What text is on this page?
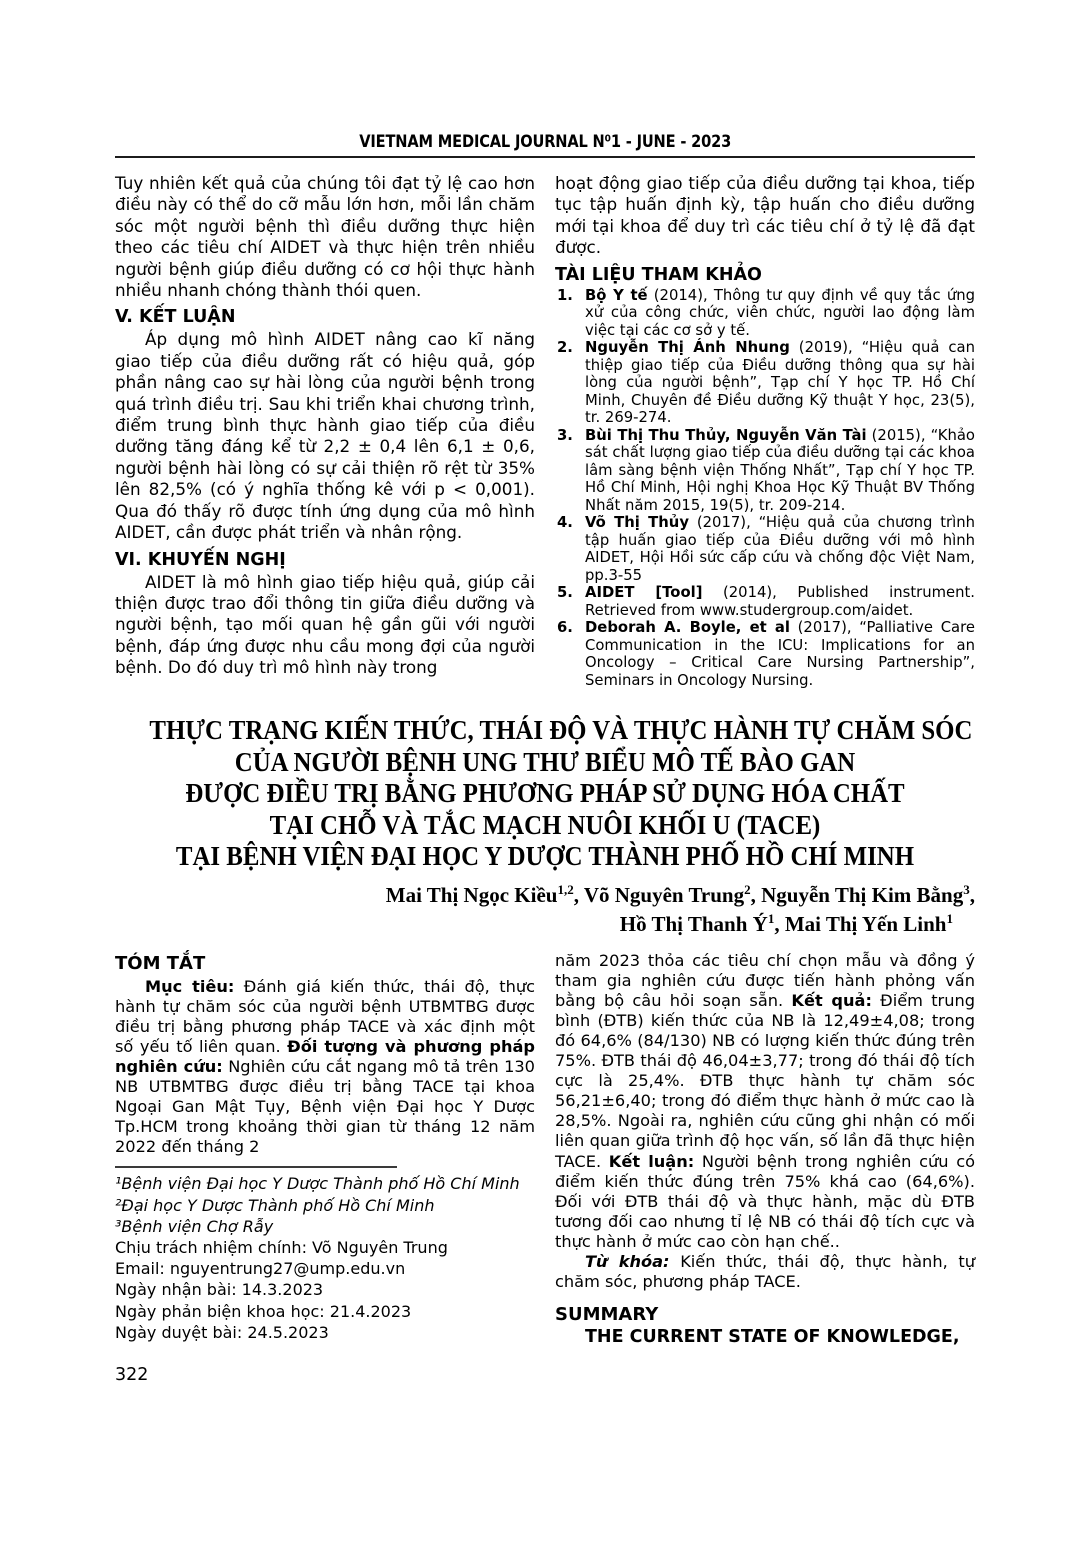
VIETNAM MEDICAL JOURNAL N⁰1 - JUNE - 2023

Tuy nhiên kết quả của chúng tôi đạt tỷ lệ cao hơn điều này có thể do cỡ mẫu lớn hơn, mỗi lần chăm sóc một người bệnh thì điều dưỡng thực hiện theo các tiêu chí AIDET và thực hiện trên nhiều người bệnh giúp điều dưỡng có cơ hội thực hành nhiều nhanh chóng thành thói quen.

V. KẾT LUẬN

Áp dụng mô hình AIDET nâng cao kĩ năng giao tiếp của điều dưỡng rất có hiệu quả, góp phần nâng cao sự hài lòng của người bệnh trong quá trình điều trị. Sau khi triển khai chương trình, điểm trung bình thực hành giao tiếp của điều dưỡng tăng đáng kể từ 2,2 ± 0,4 lên 6,1 ± 0,6, người bệnh hài lòng có sự cải thiện rõ rệt từ 35% lên 82,5% (có ý nghĩa thống kê với p < 0,001). Qua đó thấy rõ được tính ứng dụng của mô hình AIDET, cần được phát triển và nhân rộng.

VI. KHUYẾN NGHỊ

AIDET là mô hình giao tiếp hiệu quả, giúp cải thiện được trao đổi thông tin giữa điều dưỡng và người bệnh, tạo mối quan hệ gần gũi với người bệnh, đáp ứng được nhu cầu mong đợi của người bệnh. Do đó duy trì mô hình này trong

hoạt động giao tiếp của điều dưỡng tại khoa, tiếp tục tập huấn định kỳ, tập huấn cho điều dưỡng mới tại khoa để duy trì các tiêu chí ở tỷ lệ đã đạt được.

TÀI LIỆU THAM KHẢO
1. Bộ Y tế (2014), Thông tư quy định về quy tắc ứng xử của công chức, viên chức, người lao động làm việc tại các cơ sở y tế.
2. Nguyễn Thị Ánh Nhung (2019), “Hiệu quả can thiệp giao tiếp của Điều dưỡng thông qua sự hài lòng của người bệnh”, Tạp chí Y học TP. Hồ Chí Minh, Chuyên đề Điều dưỡng Kỹ thuật Y học, 23(5), tr. 269-274.
3. Bùi Thị Thu Thủy, Nguyễn Văn Tài (2015), “Khảo sát chất lượng giao tiếp của điều dưỡng tại các khoa lâm sàng bệnh viện Thống Nhất”, Tạp chí Y học TP. Hồ Chí Minh, Hội nghị Khoa Học Kỹ Thuật BV Thống Nhất năm 2015, 19(5), tr. 209-214.
4. Võ Thị Thủy (2017), “Hiệu quả của chương trình tập huấn giao tiếp của Điều dưỡng với mô hình AIDET, Hội Hồi sức cấp cứu và chống độc Việt Nam, pp.3-55
5. AIDET [Tool] (2014), Published instrument. Retrieved from www.studergroup.com/aidet.
6. Deborah A. Boyle, et al (2017), “Palliative Care Communication in the ICU: Implications for an Oncology – Critical Care Nursing Partnership”, Seminars in Oncology Nursing.
THỰC TRẠNG KIẾN THỨC, THÁI ĐỘ VÀ THỰC HÀNH TỰ CHĂM SÓC
CỦA NGƯỜI BỆNH UNG THƯ BIỂU MÔ TẾ BÀO GAN
ĐƯỢC ĐIỀU TRỊ BẰNG PHƯƠNG PHÁP SỬ DỤNG HÓA CHẤT
TẠI CHỖ VÀ TẮC MẠCH NUÔI KHỐI U (TACE)
TẠI BỆNH VIỆN ĐẠI HỌC Y DƯỢC THÀNH PHỐ HỒ CHÍ MINH

Mai Thị Ngọc Kiều$^{1,2}$, Võ Nguyên Trung$^2$, Nguyễn Thị Kim Bằng$^3$,

Hồ Thị Thanh $Ý^1$, Mai Thị Yến Linh$^1$

TÓM TẮT

Mục tiêu: Đánh giá kiến thức, thái độ, thực hành tự chăm sóc của người bệnh UTBMTBG được điều trị bằng phương pháp TACE và xác định một số yếu tố liên quan. Đối tượng và phương pháp nghiên cứu: Nghiên cứu cắt ngang mô tả trên 130 NB UTBMTBG được điều trị bằng TACE tại khoa Ngoại Gan Mật Tụy, Bệnh viện Đại học Y Dược Tp.HCM trong khoảng thời gian từ tháng 12 năm 2022 đến tháng 2

¹Bệnh viện Đại học Y Dược Thành phố Hồ Chí Minh
²Đại học Y Dược Thành phố Hồ Chí Minh
³Bệnh viện Chợ Rẫy
Chịu trách nhiệm chính: Võ Nguyên Trung
Email: nguyentrung27@ump.edu.vn
Ngày nhận bài: 14.3.2023
Ngày phản biện khoa học: 21.4.2023
Ngày duyệt bài: 24.5.2023
322

năm 2023 thỏa các tiêu chí chọn mẫu và đồng ý tham gia nghiên cứu được tiến hành phỏng vấn bằng bộ câu hỏi soạn sẵn. Kết quả: Điểm trung bình (ĐTB) kiến thức của NB là 12,49±4,08; trong đó 64,6% (84/130) NB có lượng kiến thức đúng trên 75%. ĐTB thái độ 46,04±3,77; trong đó thái độ tích cực là 25,4%. ĐTB thực hành tự chăm sóc 56,21±6,40; trong đó điểm thực hành ở mức cao là 28,5%. Ngoài ra, nghiên cứu cũng ghi nhận có mối liên quan giữa trình độ học vấn, số lần đã thực hiện TACE. Kết luận: Người bệnh trong nghiên cứu có điểm kiến thức đúng trên 75% khá cao (64,6%). Đối với ĐTB thái độ và thực hành, mặc dù ĐTB tương đối cao nhưng tỉ lệ NB có thái độ tích cực và thực hành ở mức cao còn hạn chế..

Từ khóa: Kiến thức, thái độ, thực hành, tự chăm sóc, phương pháp TACE.

SUMMARY

THE CURRENT STATE OF KNOWLEDGE,
